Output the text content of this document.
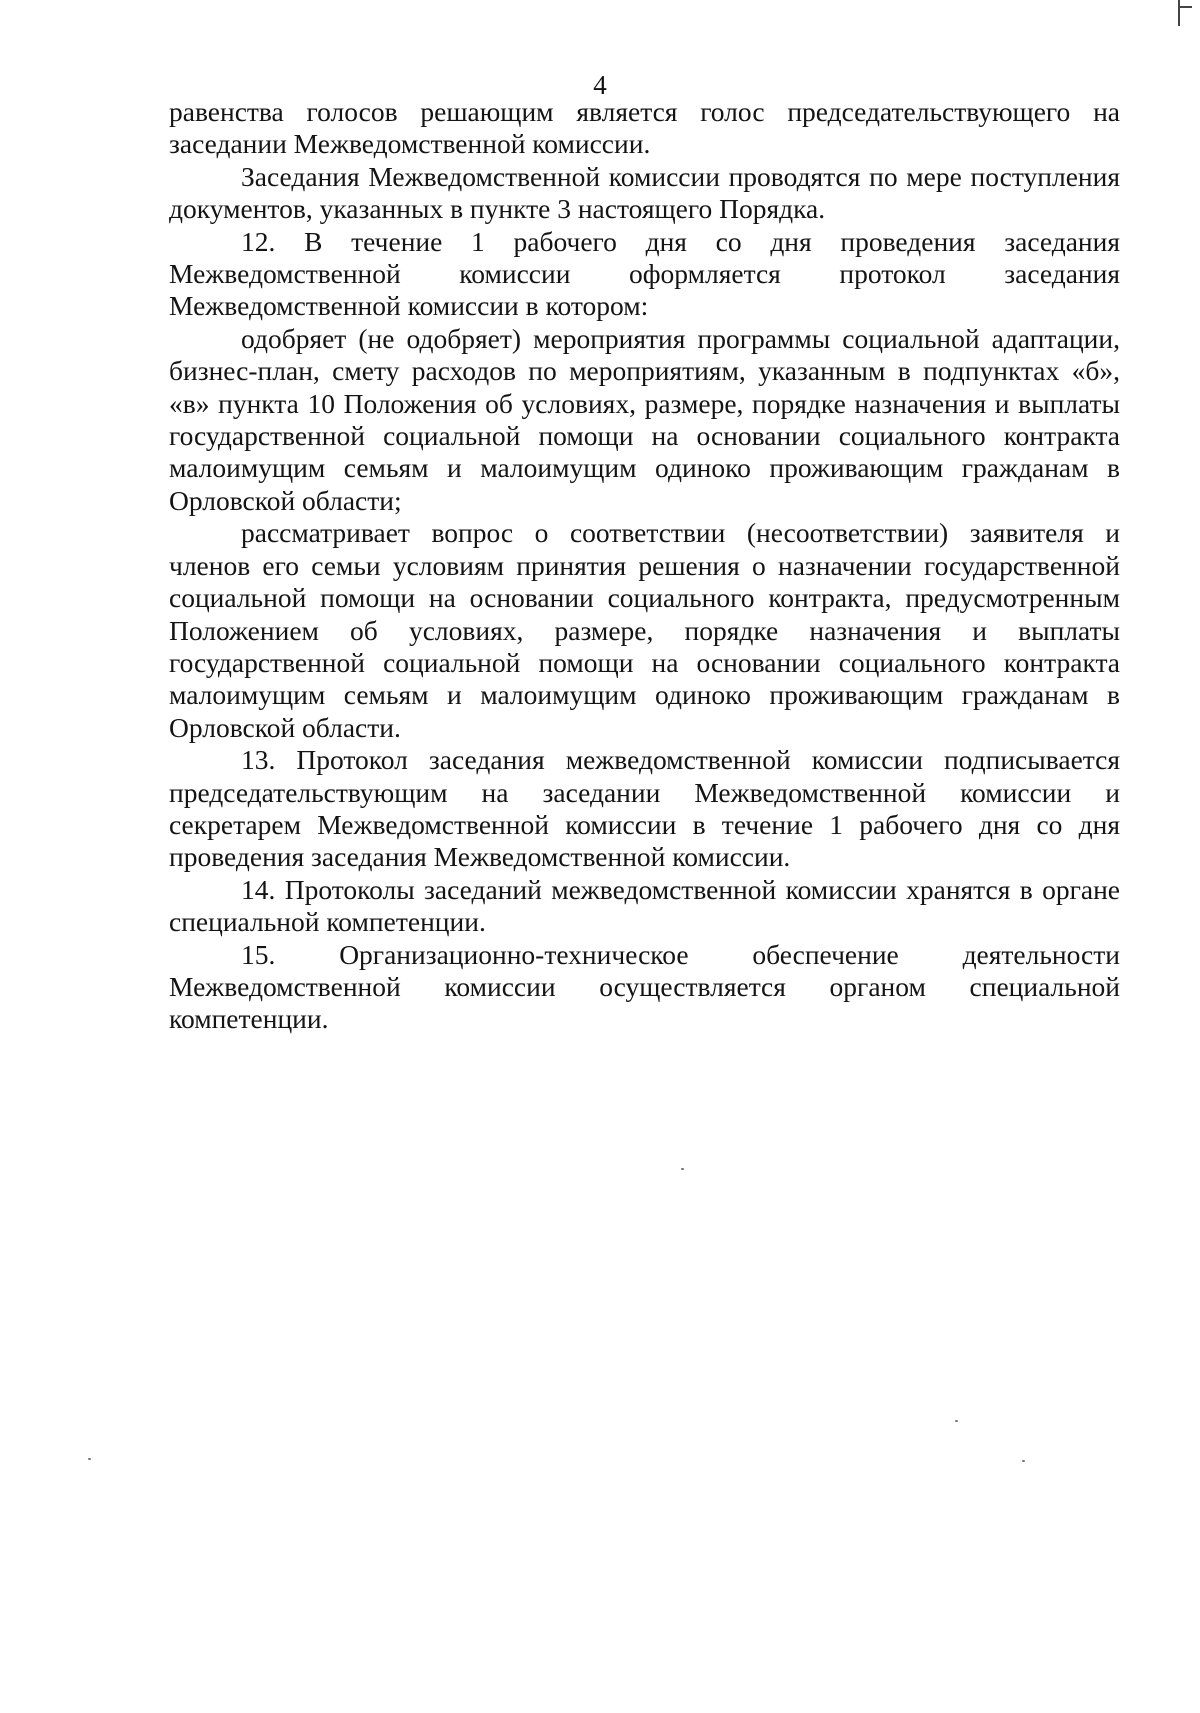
4

равенства голосов решающим является голос председательствующего на заседании Межведомственной комиссии.

Заседания Межведомственной комиссии проводятся по мере поступления документов, указанных в пункте 3 настоящего Порядка.

12. В течение 1 рабочего дня со дня проведения заседания Межведомственной комиссии оформляется протокол заседания Межведомственной комиссии в котором:

одобряет (не одобряет) мероприятия программы социальной адаптации, бизнес-план, смету расходов по мероприятиям, указанным в подпунктах «б», «в» пункта 10 Положения об условиях, размере, порядке назначения и выплаты государственной социальной помощи на основании социального контракта малоимущим семьям и малоимущим одиноко проживающим гражданам в Орловской области;

рассматривает вопрос о соответствии (несоответствии) заявителя и членов его семьи условиям принятия решения о назначении государственной социальной помощи на основании социального контракта, предусмотренным Положением об условиях, размере, порядке назначения и выплаты государственной социальной помощи на основании социального контракта малоимущим семьям и малоимущим одиноко проживающим гражданам в Орловской области.

13. Протокол заседания межведомственной комиссии подписывается председательствующим на заседании Межведомственной комиссии и секретарем Межведомственной комиссии в течение 1 рабочего дня со дня проведения заседания Межведомственной комиссии.

14. Протоколы заседаний межведомственной комиссии хранятся в органе специальной компетенции.

15. Организационно-техническое обеспечение деятельности Межведомственной комиссии осуществляется органом специальной компетенции.
